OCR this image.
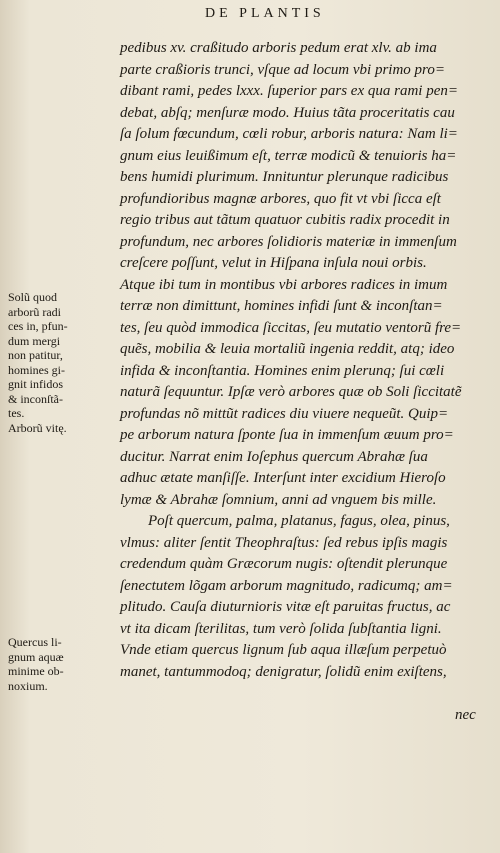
DE PLANTIS
pedibus xv. craßitudo arboris pedum erat xlv. ab ima
parte craßioris trunci, vſque ad locum vbi primo pro=
dibant rami, pedes lxxx. ſuperior pars ex qua rami pen=
debat, abſq; menſuræ modo. Huius tãta proceritatis cau
ſa ſolum fœcundum, cœli robur, arboris natura: Nam li=
gnum eius leuißimum eſt, terræ modicũ & tenuioris ha=
bens humidi plurimum. Innituntur plerunque radicibus
profundioribus magnæ arbores, quo fit vt vbi ſicca eſt
regio tribus aut tãtum quatuor cubitis radix procedit in
profundum, nec arbores ſolidioris materiæ in immenſum
creſcere poſſunt, velut in Hiſpana inſula noui orbis.
Atque ibi tum in montibus vbi arbores radices in imum
terræ non dimittunt, homines infidi ſunt & inconſtan=
tes, ſeu quòd immodica ſiccitas, ſeu mutatio ventorũ fre=
quẽs, mobilia & leuia mortaliũ ingenia reddit, atq; ideo
infida & inconſtantia. Homines enim plerunq; ſui cœli
naturã ſequuntur. Ipſæ verò arbores quæ ob Soli ſiccitatẽ
profundas nõ mittũt radices diu viuere nequeũt. Quip=
pe arborum natura ſponte ſua in immenſum æuum pro=
ducitur. Narrat enim Ioſephus quercum Abrahæ ſua
adhuc ætate manſiſſe. Interſunt inter excidium Hieroſo
lymæ & Abrahæ ſomnium, anni ad vnguem bis mille.
Poſt quercum, palma, platanus, fagus, olea, pinus,
vlmus: aliter ſentit Theophraſtus: ſed rebus ipſis magis
credendum quàm Græcorum nugis: oſtendit plerunque
ſenectutem lõgam arborum magnitudo, radicumq; am=
plitudo. Cauſa diuturnioris vitæ eſt paruitas fructus, ac
vt ita dicam ſterilitas, tum verò ſolida ſubſtantia ligni.
Vnde etiam quercus lignum ſub aqua illæſum perpetuò
manet, tantummodoq; denigratur, ſolidũ enim exiſtens,
Solũ quod
arborũ radi
ces in, pfun-
dum mergi
non patitur,
homines gi-
gnit infidos
& inconſtã-
tes.
Arborũ vitę.
Quercus li-
gnum aquæ
minime ob-
noxium.
nec
